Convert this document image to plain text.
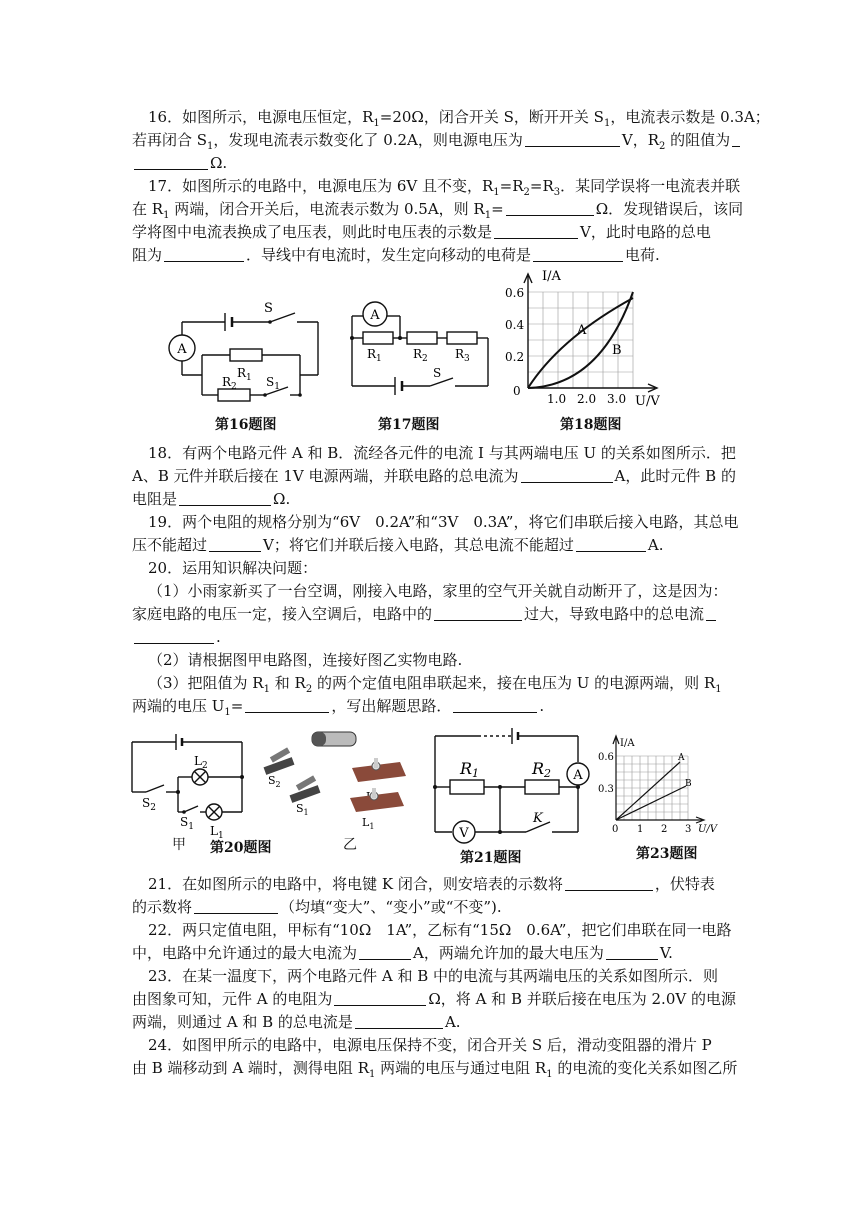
16．如图所示，电源电压恒定，$R_1=20\Omega$，闭合开关 S，断开开关 $S_1$，电流表示数是 0.3A；
若再闭合 $S_1$，发现电流表示数变化了 0.2A，则电源电压为	V，$R_2$ 的阻值为
Ω.
17．如图所示的电路中，电源电压为 6V 且不变，$R_1=R_2=R_3$．某同学误将一电流表并联
在 $R_1$ 两端，闭合开关后，电流表示数为 0.5A，则 $R_1=$	Ω．发现错误后，该同
学将图中电流表换成了电压表，则此时电压表的示数是	V，此时电路的总电
阻为	．导线中有电流时，发生定向移动的电荷是	电荷.
A
S
$R_1$
$R_2$ $S_1$
第16题图
A
$R_1$	$R_2$ $R_3$
S
第17题图
I/A
0.6
0.4
0.2
0
1.0 2.0 3.0 U/V
A
B
第18题图
18．有两个电路元件 A 和 B．流经各元件的电流 I 与其两端电压 U 的关系如图所示．把
A、B 元件并联后接在 1V 电源两端，并联电路的总电流为	A，此时元件 B 的
电阻是	Ω.
19．两个电阻的规格分别为“6V　0.2A”和“3V　0.3A”，将它们串联后接入电路，其总电
压不能超过	V；将它们并联后接入电路，其总电流不能超过	A.
20．运用知识解决问题：
（1）小雨家新买了一台空调，刚接入电路，家里的空气开关就自动断开了，这是因为：
家庭电路的电压一定，接入空调后，电路中的	过大，导致电路中的总电流
.
（2）请根据图甲电路图，连接好图乙实物电路.
（3）把阻值为 $R_1$ 和 $R_2$ 的两个定值电阻串联起来，接在电压为 U 的电源两端，则 $R_1$
两端的电压 $U_1=$	，写出解题思路．	.
$L_2$
$S_2$
$S_1$ $L_1$
甲
$S_2$
$S_1$
$L_1$
第20题图	乙
R1	R2 A
V
K
第21题图
I/A
0.6
0.3
0 1 2 3 U/V
A
B
第23题图
21．在如图所示的电路中，将电键 K 闭合，则安培表的示数将	，伏特表
的示数将	（均填“变大”、“变小”或“不变”).
22．两只定值电阻，甲标有“10Ω　1A”，乙标有“15Ω　0.6A”，把它们串联在同一电路
中，电路中允许通过的最大电流为	A，两端允许加的最大电压为	V.
23．在某一温度下，两个电路元件 A 和 B 中的电流与其两端电压的关系如图所示．则
由图象可知，元件 A 的电阻为	Ω，将 A 和 B 并联后接在电压为 2.0V 的电源
两端，则通过 A 和 B 的总电流是	A.
24．如图甲所示的电路中，电源电压保持不变，闭合开关 S 后，滑动变阻器的滑片 P
由 B 端移动到 A 端时，测得电阻 $R_1$ 两端的电压与通过电阻 $R_1$ 的电流的变化关系如图乙所
